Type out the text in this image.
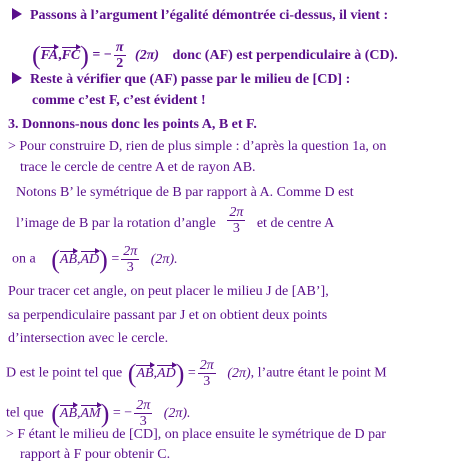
Passons à l’argument l’égalité démontrée ci-dessus, il vient :
(FA,FC) = − $\frac{\pi}{2} (2\pi)$ donc (AF) est perpendiculaire à (CD).
Reste à vérifier que (AF) passe par le milieu de [CD] :
comme c’est F, c’est évident !
3. Donnons-nous donc les points A, B et F.
> Pour construire D, rien de plus simple : d’après la question 1a, on
trace le cercle de centre A et de rayon AB.
Notons B’ le symétrique de B par rapport à A. Comme D est
l’image de B par la rotation d’angle $\frac{2\pi}{3}$ et de centre A
on a $(AB,AD) = \frac{2\pi}{3} (2\pi)$.
Pour tracer cet angle, on peut placer le milieu J de [AB’],
sa perpendiculaire passant par J et on obtient deux points
d’intersection avec le cercle.
D est le point tel que $(AB,AD) = \frac{2\pi}{3} (2\pi)$, l’autre étant le point M
tel que (AB,AM) = − $\frac{2\pi}{3} (2\pi)$.
> F étant le milieu de [CD], on place ensuite le symétrique de D par
rapport à F pour obtenir C.
